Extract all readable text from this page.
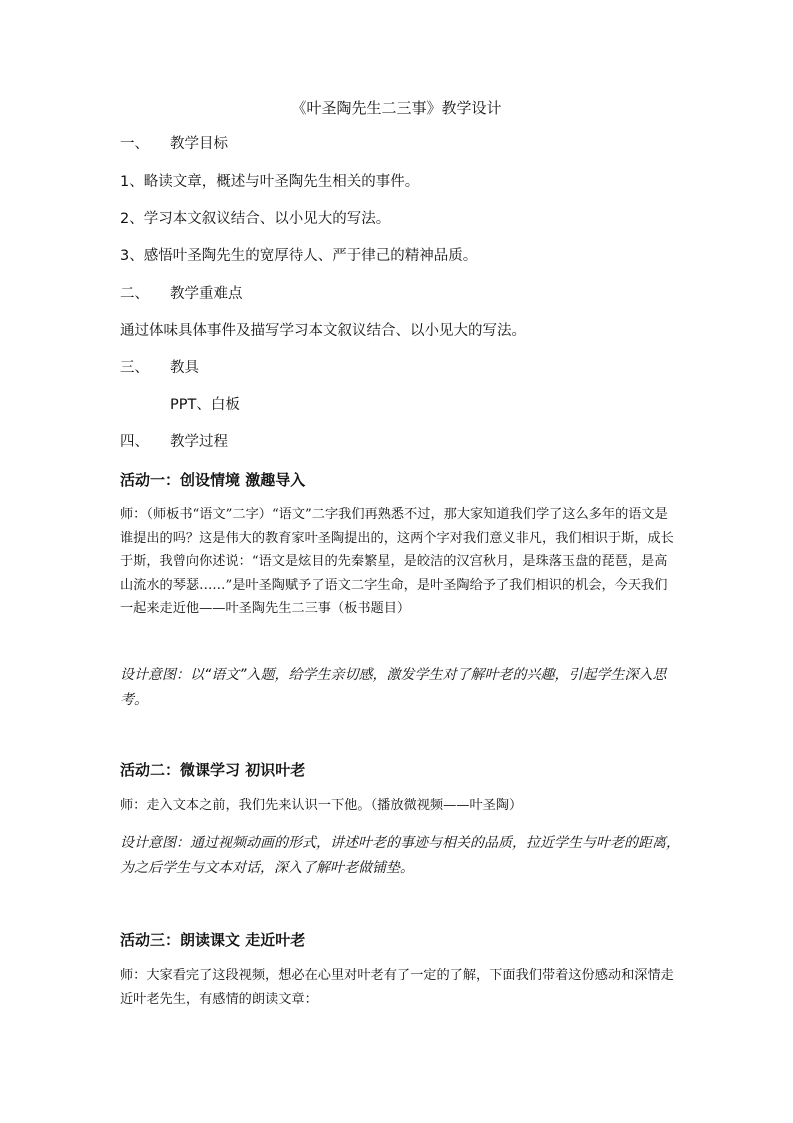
《叶圣陶先生二三事》教学设计

一、 教学目标

1、略读文章，概述与叶圣陶先生相关的事件。

2、学习本文叙议结合、以小见大的写法。

3、感悟叶圣陶先生的宽厚待人、严于律己的精神品质。

二、 教学重难点

通过体味具体事件及描写学习本文叙议结合、以小见大的写法。

三、 教具

PPT、白板

四、 教学过程

活动一：创设情境 激趣导入

师：（师板书“语文”二字）“语文”二字我们再熟悉不过，那大家知道我们学了这么多年的语文是谁提出的吗？这是伟大的教育家叶圣陶提出的，这两个字对我们意义非凡，我们相识于斯，成长于斯，我曾向你述说：“语文是炫目的先秦繁星，是皎洁的汉宫秋月，是珠落玉盘的琵琶，是高山流水的琴瑟……”是叶圣陶赋予了语文二字生命，是叶圣陶给予了我们相识的机会，今天我们一起来走近他——叶圣陶先生二三事（板书题目）

设计意图：以“语文”入题，给学生亲切感，激发学生对了解叶老的兴趣，引起学生深入思考。

活动二：微课学习 初识叶老

师：走入文本之前，我们先来认识一下他。（播放微视频——叶圣陶）

设计意图：通过视频动画的形式，讲述叶老的事迹与相关的品质，拉近学生与叶老的距离，为之后学生与文本对话，深入了解叶老做铺垫。

活动三：朗读课文 走近叶老

师：大家看完了这段视频，想必在心里对叶老有了一定的了解，下面我们带着这份感动和深情走近叶老先生，有感情的朗读文章：
